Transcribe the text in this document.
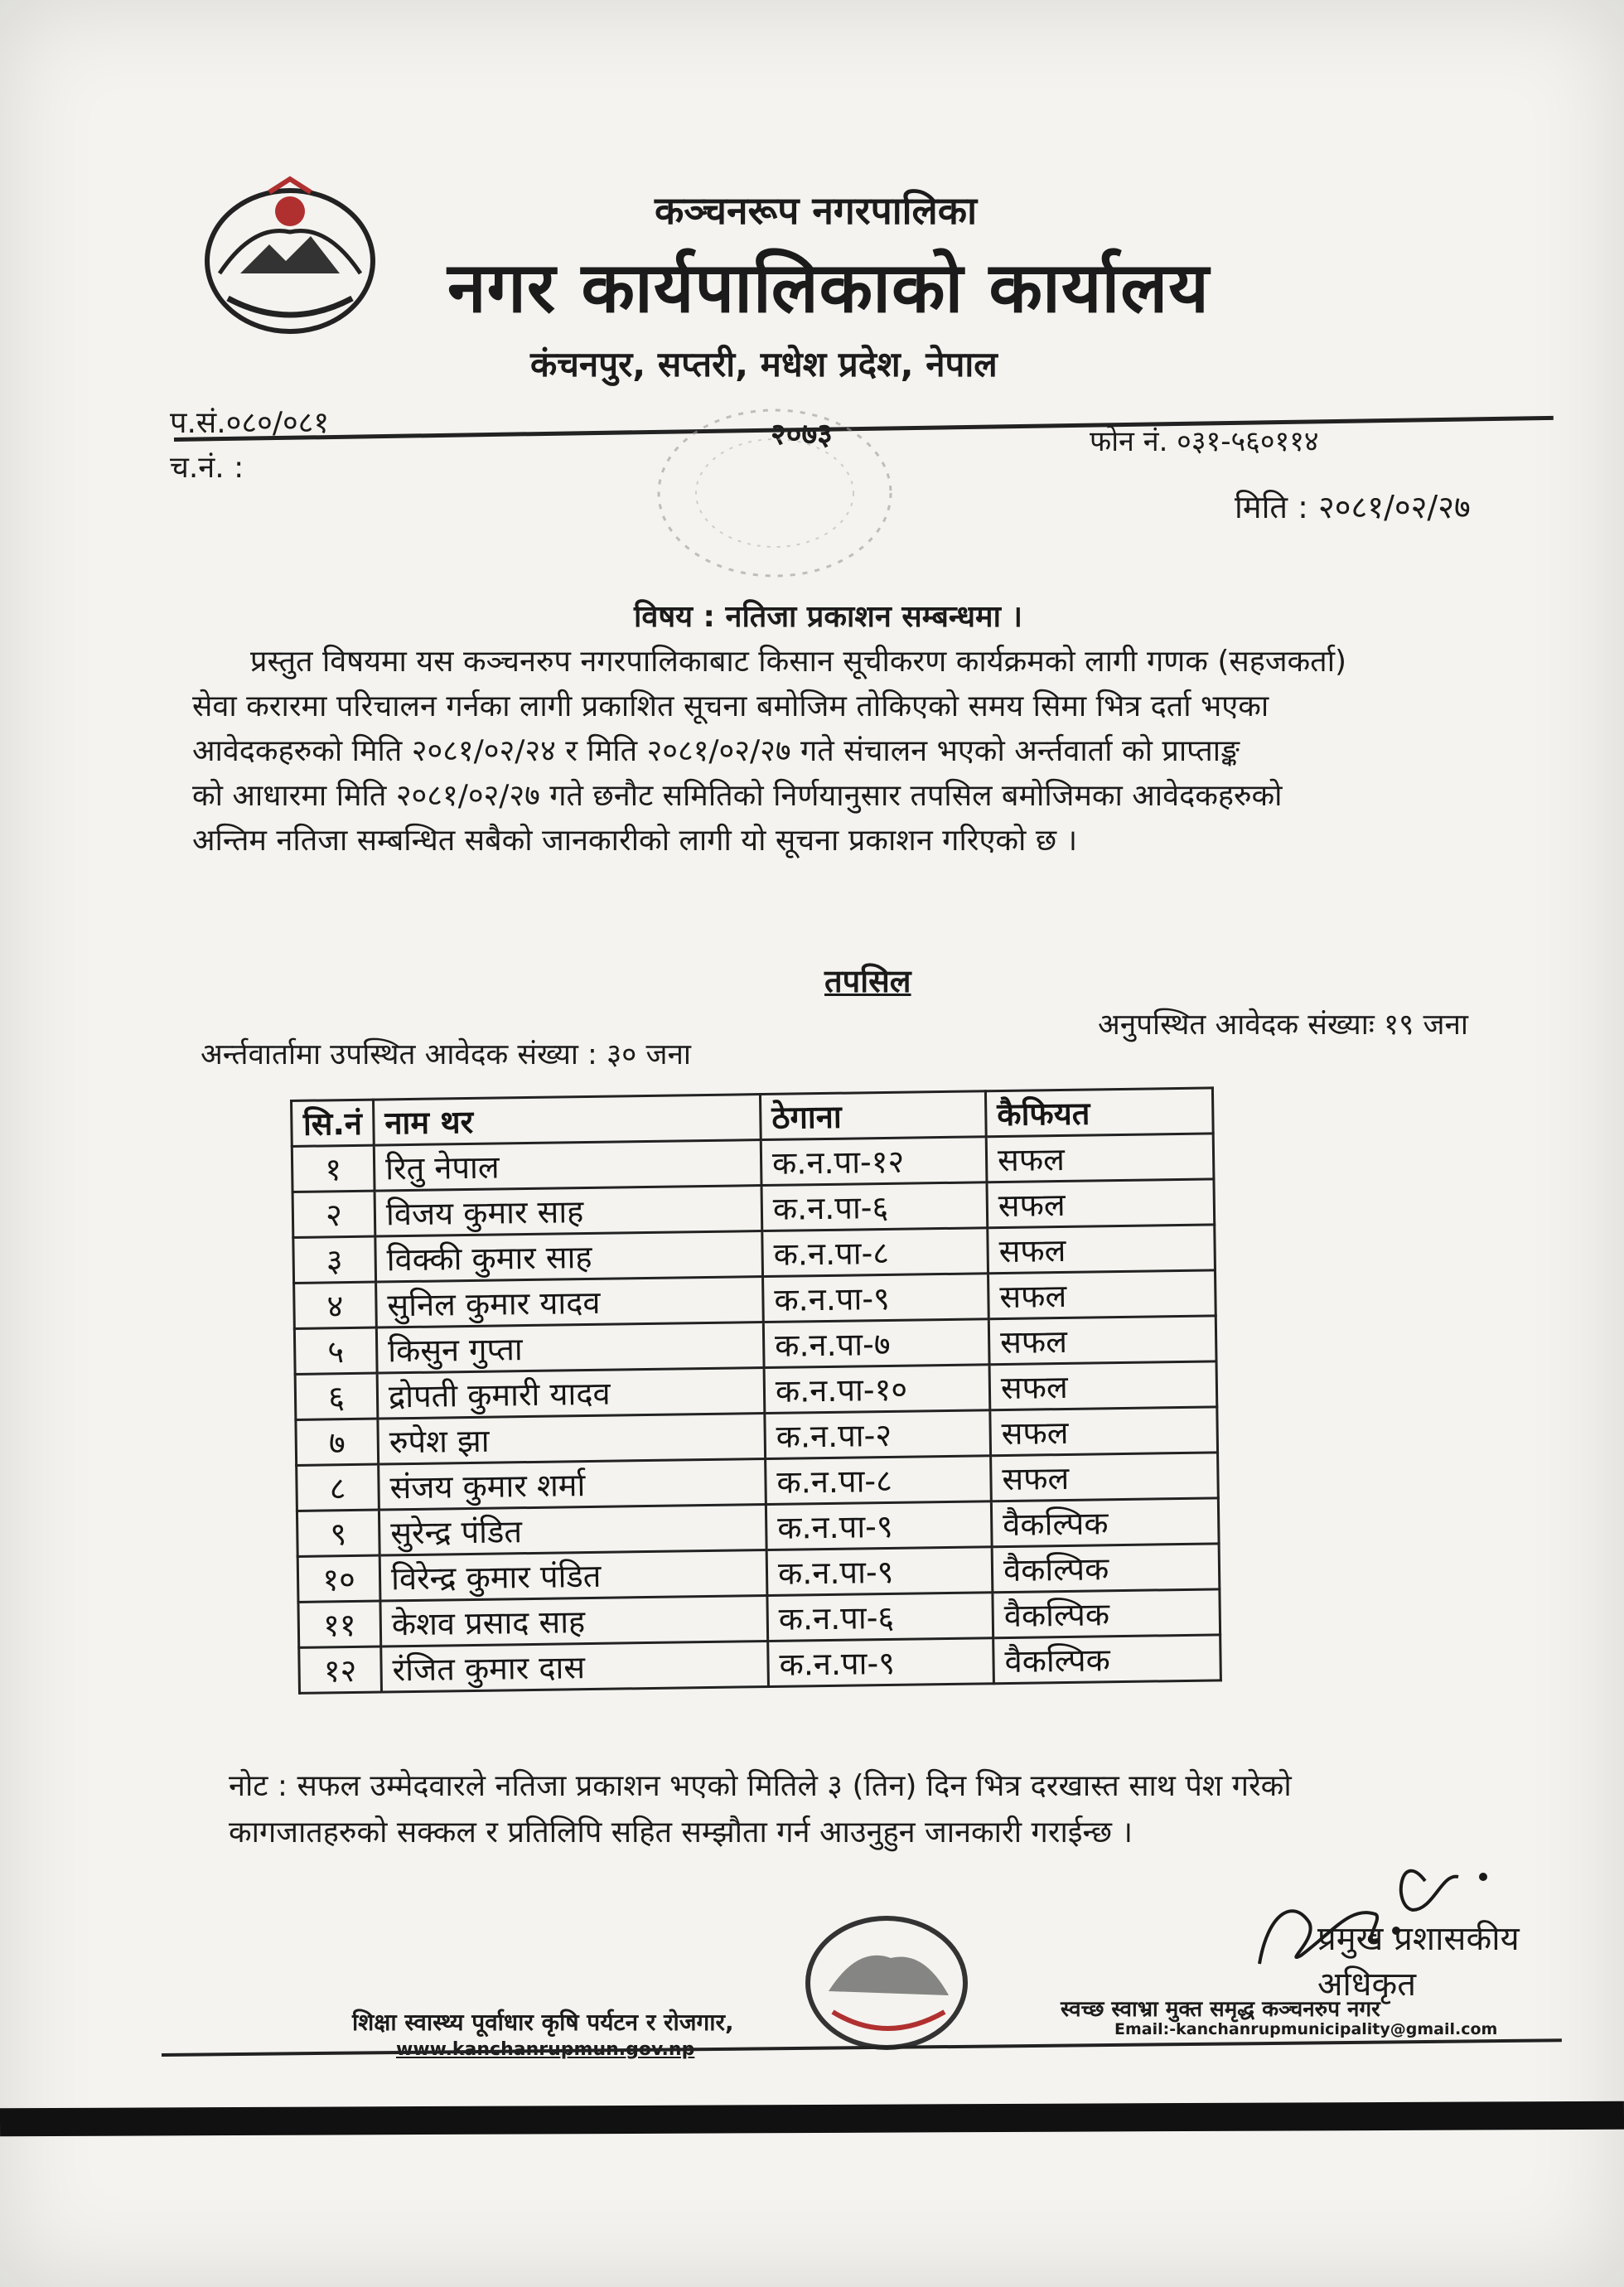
कञ्चनरूप नगरपालिका
नगर कार्यपालिकाको कार्यालय
कंचनपुर, सप्तरी, मधेश प्रदेश, नेपाल
२०७३
प.सं.०८०/०८१
च.नं. :
फोन नं. ०३१-५६०११४
मिति : २०८१/०२/२७
विषय : नतिजा प्रकाशन सम्बन्धमा ।
प्रस्तुत विषयमा यस कञ्चनरुप नगरपालिकाबाट किसान सूचीकरण कार्यक्रमको लागी गणक (सहजकर्ता)
सेवा करारमा परिचालन गर्नका लागी प्रकाशित सूचना बमोजिम तोकिएको समय सिमा भित्र दर्ता भएका
आवेदकहरुको मिति २०८१/०२/२४ र मिति २०८१/०२/२७ गते संचालन भएको अर्न्तवार्ता को प्राप्ताङ्क
को आधारमा मिति २०८१/०२/२७ गते छनौट समितिको निर्णयानुसार तपसिल बमोजिमका आवेदकहरुको
अन्तिम नतिजा सम्बन्धित सबैको जानकारीको लागी यो सूचना प्रकाशन गरिएको छ ।
तपसिल
अर्न्तवार्तामा उपस्थित आवेदक संख्या : ३० जना
अनुपस्थित आवेदक संख्याः १९ जना
सि.नं	नाम थर	ठेगाना	कैफियत
१	रितु नेपाल	क.न.पा-१२	सफल
२	विजय कुमार साह	क.न.पा-६	सफल
३	विक्की कुमार साह	क.न.पा-८	सफल
४	सुनिल कुमार यादव	क.न.पा-९	सफल
५	किसुन गुप्ता	क.न.पा-७	सफल
६	द्रोपती कुमारी यादव	क.न.पा-१०	सफल
७	रुपेश झा	क.न.पा-२	सफल
८	संजय कुमार शर्मा	क.न.पा-८	सफल
९	सुरेन्द्र पंडित	क.न.पा-९	वैकल्पिक
१०	विरेन्द्र कुमार पंडित	क.न.पा-९	वैकल्पिक
११	केशव प्रसाद साह	क.न.पा-६	वैकल्पिक
१२	रंजित कुमार दास	क.न.पा-९	वैकल्पिक
नोट : सफल उम्मेदवारले नतिजा प्रकाशन भएको मितिले ३ (तिन) दिन भित्र दरखास्त साथ पेश गरेको
कागजातहरुको सक्कल र प्रतिलिपि सहित सम्झौता गर्न आउनुहुन जानकारी गराईन्छ ।
प्रमुख प्रशासकीय अधिकृत
शिक्षा स्वास्थ्य पूर्वाधार कृषि पर्यटन र रोजगार,	स्वच्छ स्वाभ्रा मुक्त समृद्ध कञ्चनरुप नगर
www.kanchanrupmun.gov.np
Email:-kanchanrupmunicipality@gmail.com
